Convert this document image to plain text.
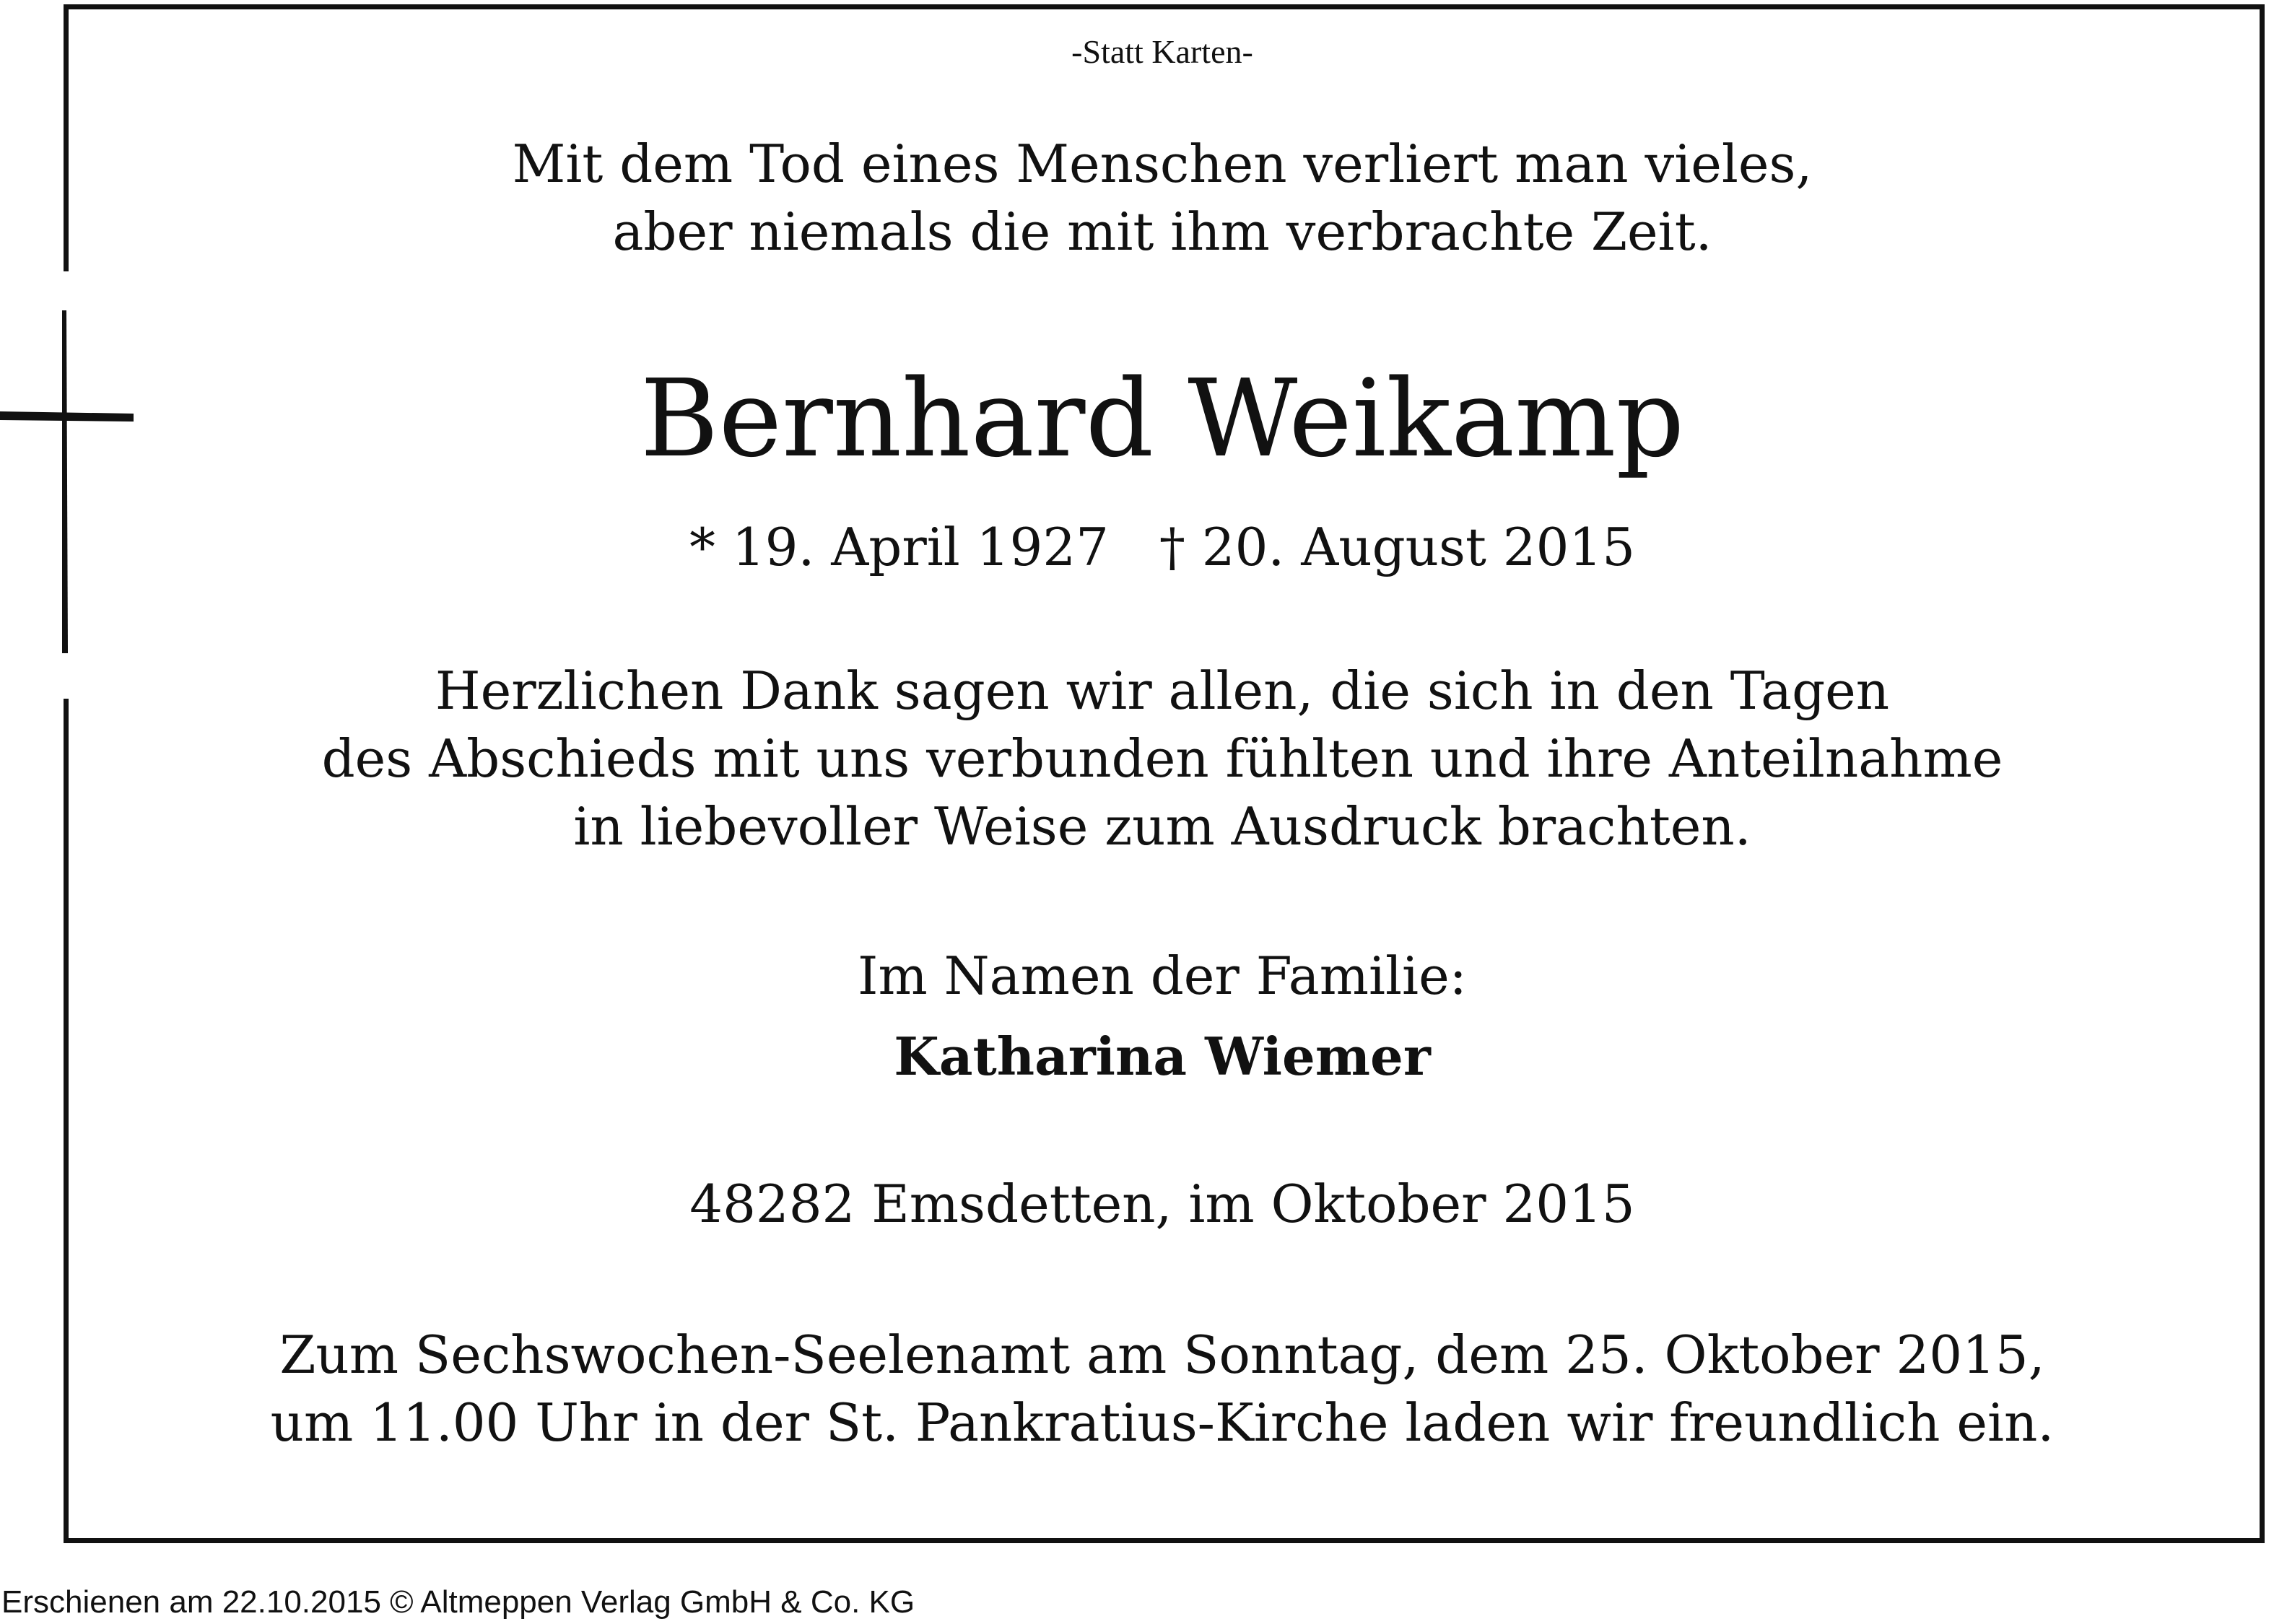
-Statt Karten-

Mit dem Tod eines Menschen verliert man vieles,
aber niemals die mit ihm verbrachte Zeit.
Bernhard Weikamp
* 19. April 1927 † 20. August 2015
Herzlichen Dank sagen wir allen, die sich in den Tagen
des Abschieds mit uns verbunden fühlten und ihre Anteilnahme
in liebevoller Weise zum Ausdruck brachten.
Im Namen der Familie:
Katharina Wiemer
48282 Emsdetten, im Oktober 2015
Zum Sechswochen-Seelenamt am Sonntag, dem 25. Oktober 2015,
um 11.00 Uhr in der St. Pankratius-Kirche laden wir freundlich ein.
Erschienen am 22.10.2015 © Altmeppen Verlag GmbH & Co. KG
